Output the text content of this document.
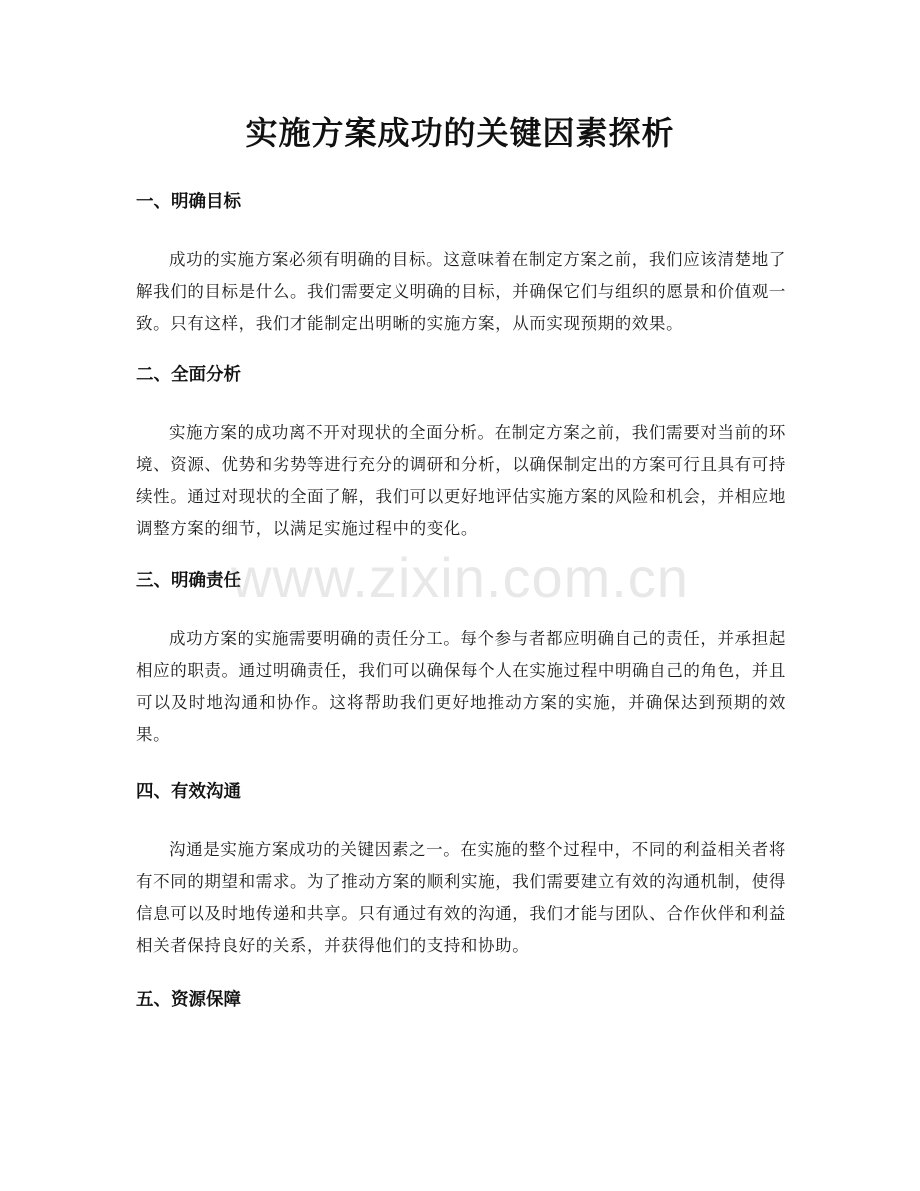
实施方案成功的关键因素探析
一、明确目标

成功的实施方案必须有明确的目标。这意味着在制定方案之前，我们应该清楚地了解我们的目标是什么。我们需要定义明确的目标，并确保它们与组织的愿景和价值观一致。只有这样，我们才能制定出明晰的实施方案，从而实现预期的效果。

二、全面分析

实施方案的成功离不开对现状的全面分析。在制定方案之前，我们需要对当前的环境、资源、优势和劣势等进行充分的调研和分析，以确保制定出的方案可行且具有可持续性。通过对现状的全面了解，我们可以更好地评估实施方案的风险和机会，并相应地调整方案的细节，以满足实施过程中的变化。

三、明确责任

成功方案的实施需要明确的责任分工。每个参与者都应明确自己的责任，并承担起相应的职责。通过明确责任，我们可以确保每个人在实施过程中明确自己的角色，并且可以及时地沟通和协作。这将帮助我们更好地推动方案的实施，并确保达到预期的效果。

四、有效沟通

沟通是实施方案成功的关键因素之一。在实施的整个过程中，不同的利益相关者将有不同的期望和需求。为了推动方案的顺利实施，我们需要建立有效的沟通机制，使得信息可以及时地传递和共享。只有通过有效的沟通，我们才能与团队、合作伙伴和利益相关者保持良好的关系，并获得他们的支持和协助。

五、资源保障
www.zixin.com.cn
